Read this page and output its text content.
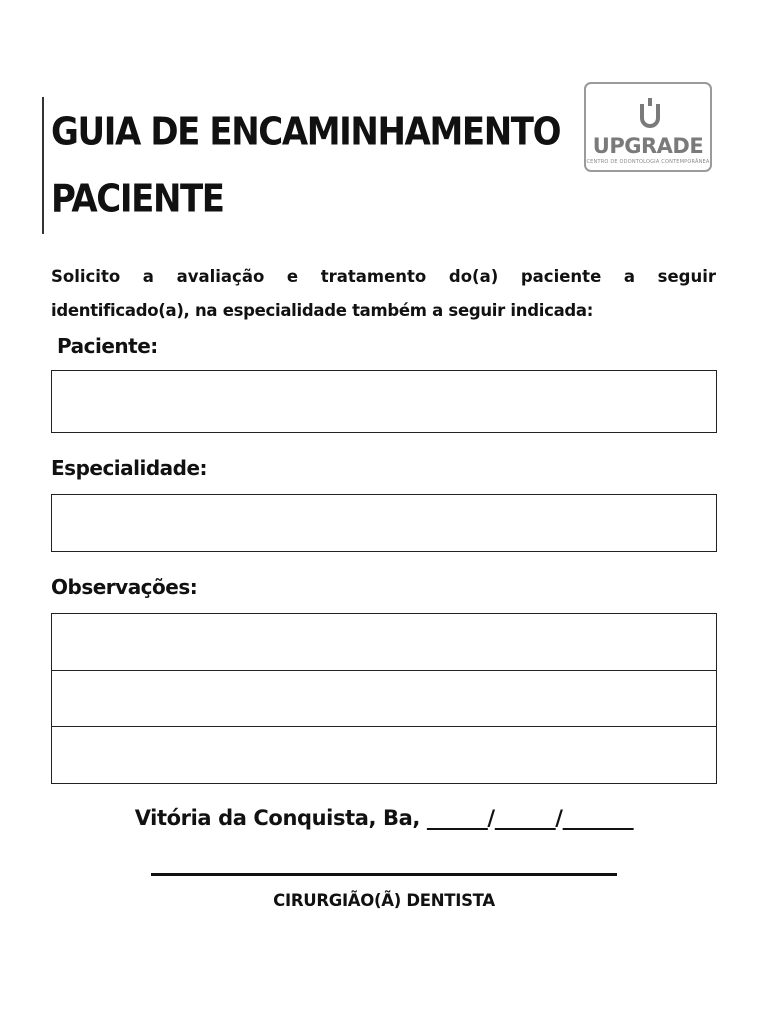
GUIA DE ENCAMINHAMENTO
PACIENTE
UPGRADE
CENTRO DE ODONTOLOGIA CONTEMPORÂNEA
Solicito a avaliação e tratamento do(a) paciente a seguir
identificado(a), na especialidade também a seguir indicada:
Paciente:
Especialidade:
Observações:
Vitória da Conquista, Ba, ______/______/_______
CIRURGIÃO(Ã) DENTISTA
